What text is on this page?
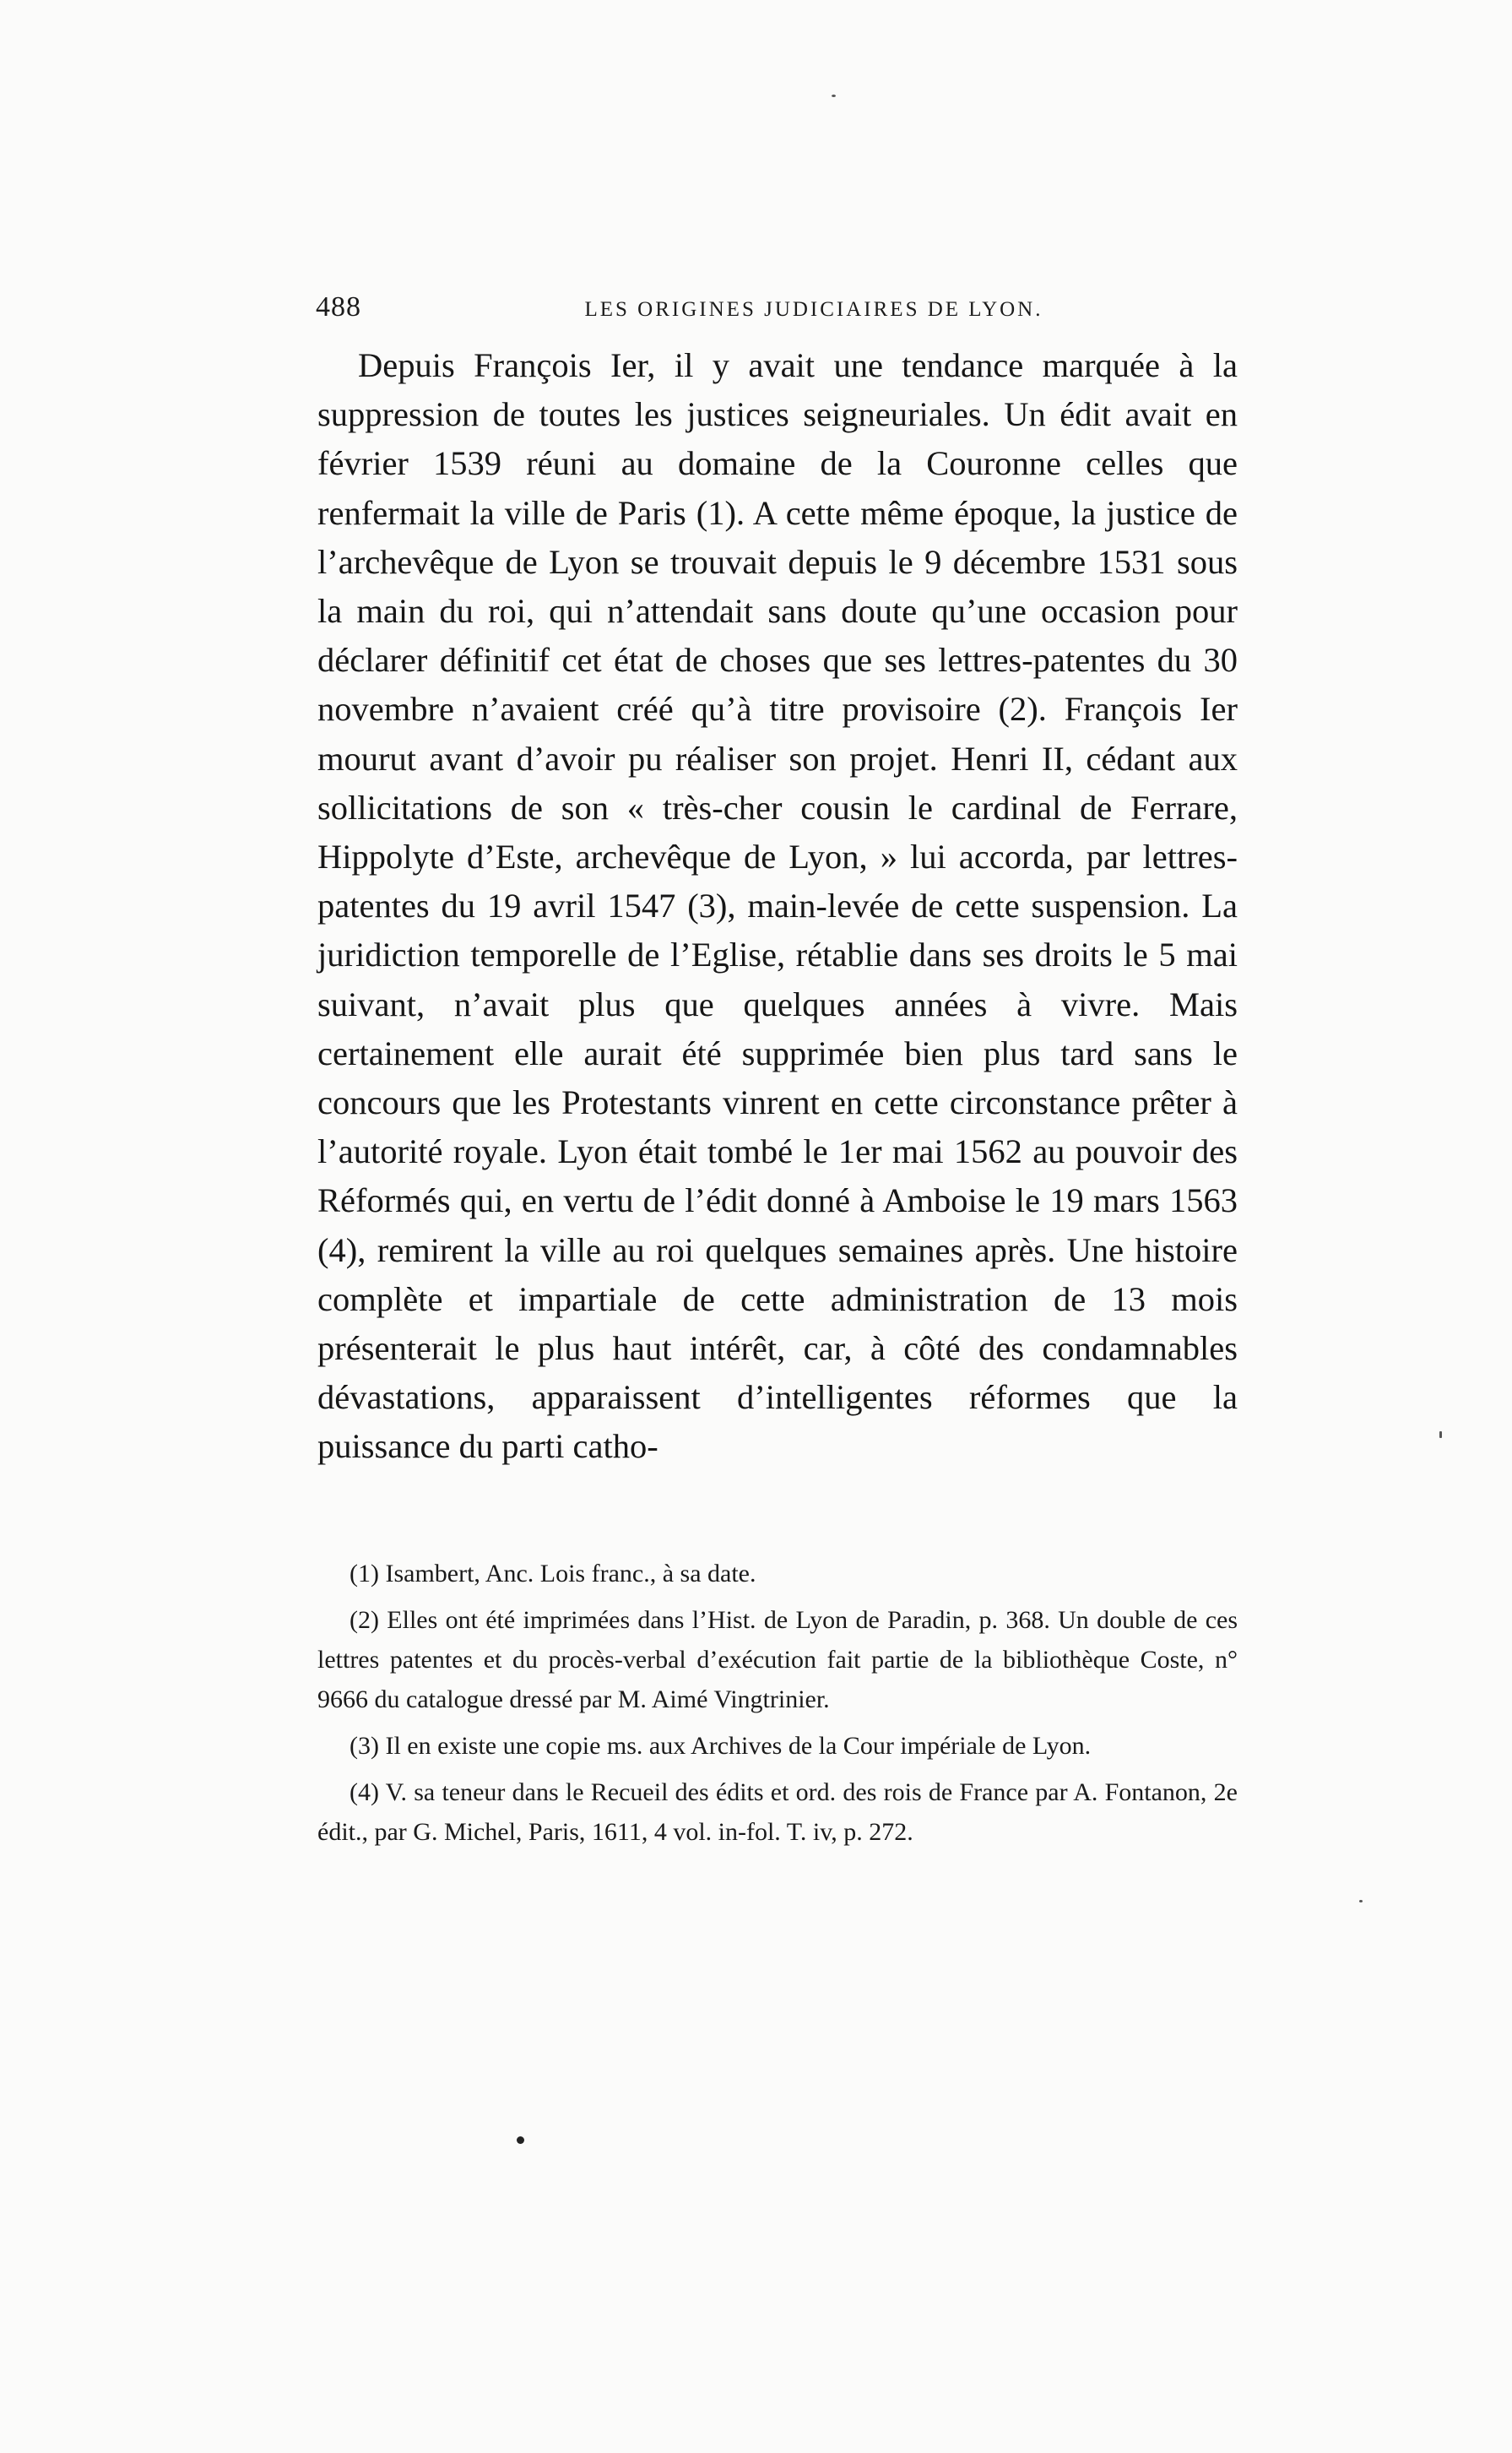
488	LES ORIGINES JUDICIAIRES DE LYON.

Depuis François Ier, il y avait une tendance marquée à la suppression de toutes les justices seigneuriales. Un édit avait en février 1539 réuni au domaine de la Couronne celles que renfermait la ville de Paris (1). A cette même époque, la justice de l’archevêque de Lyon se trouvait depuis le 9 décembre 1531 sous la main du roi, qui n’attendait sans doute qu’une occasion pour déclarer définitif cet état de choses que ses lettres-patentes du 30 novembre n’avaient créé qu’à titre provisoire (2). François Ier mourut avant d’avoir pu réaliser son projet. Henri II, cédant aux sollicitations de son « très-cher cousin le cardinal de Ferrare, Hippolyte d’Este, archevêque de Lyon, » lui accorda, par lettres-patentes du 19 avril 1547 (3), main-levée de cette suspension. La juridiction temporelle de l’Eglise, rétablie dans ses droits le 5 mai suivant, n’avait plus que quelques années à vivre. Mais certainement elle aurait été supprimée bien plus tard sans le concours que les Protestants vinrent en cette circonstance prêter à l’autorité royale. Lyon était tombé le 1er mai 1562 au pouvoir des Réformés qui, en vertu de l’édit donné à Amboise le 19 mars 1563 (4), remirent la ville au roi quelques semaines après. Une histoire complète et impartiale de cette administration de 13 mois présenterait le plus haut intérêt, car, à côté des condamnables dévastations, apparaissent d’intelligentes réformes que la puissance du parti catho-

(1) Isambert, Anc. Lois franc., à sa date.

(2) Elles ont été imprimées dans l’Hist. de Lyon de Paradin, p. 368. Un double de ces lettres patentes et du procès-verbal d’exécution fait partie de la bibliothèque Coste, n° 9666 du catalogue dressé par M. Aimé Vingtrinier.

(3) Il en existe une copie ms. aux Archives de la Cour impériale de Lyon.

(4) V. sa teneur dans le Recueil des édits et ord. des rois de France par A. Fontanon, 2e édit., par G. Michel, Paris, 1611, 4 vol. in-fol. T. iv, p. 272.
